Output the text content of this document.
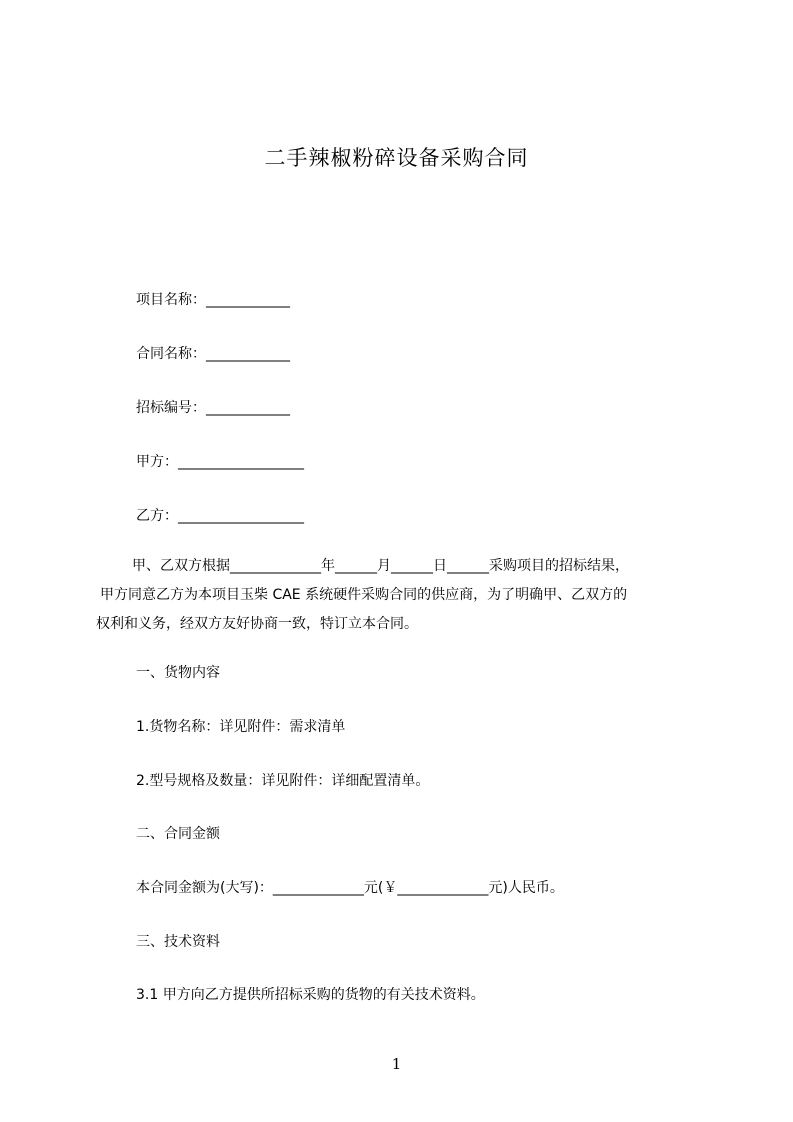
二手辣椒粉碎设备采购合同
项目名称：____________
合同名称：____________
招标编号：____________
甲方：__________________
乙方：__________________
甲、乙双方根据_____________年______月______日______采购项目的招标结果，
甲方同意乙方为本项目玉柴 CAE 系统硬件采购合同的供应商，为了明确甲、乙双方的
权利和义务，经双方友好协商一致，特订立本合同。
一、货物内容
1.货物名称：详见附件：需求清单
2.型号规格及数量：详见附件：详细配置清单。
二、合同金额
本合同金额为(大写)：_____________元(￥_____________元)人民币。
三、技术资料
3.1 甲方向乙方提供所招标采购的货物的有关技术资料。
1
